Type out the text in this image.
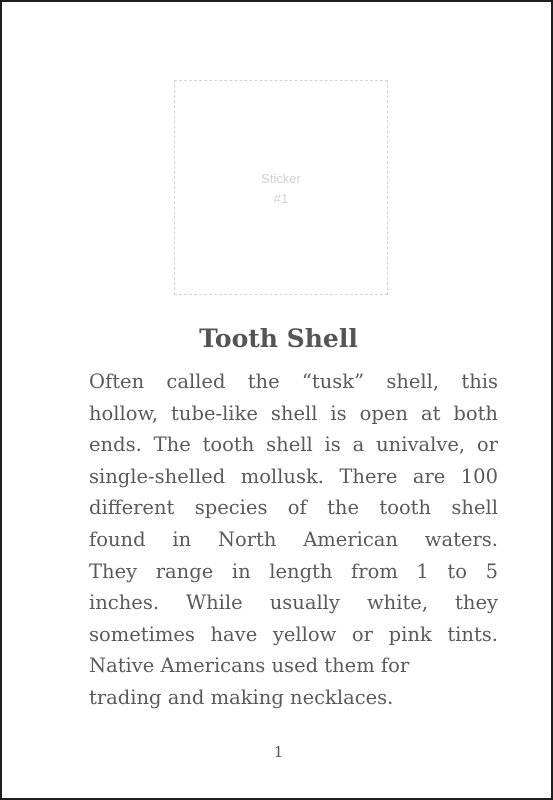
Sticker
#1
Tooth Shell
Often called the “tusk” shell, this
hollow, tube-like shell is open at both
ends. The tooth shell is a univalve, or
single-shelled mollusk. There are 100
different species of the tooth shell
found in North American waters.
They range in length from 1 to 5
inches. While usually white, they
sometimes have yellow or pink tints.
Native Americans used them for
trading and making necklaces.
1
